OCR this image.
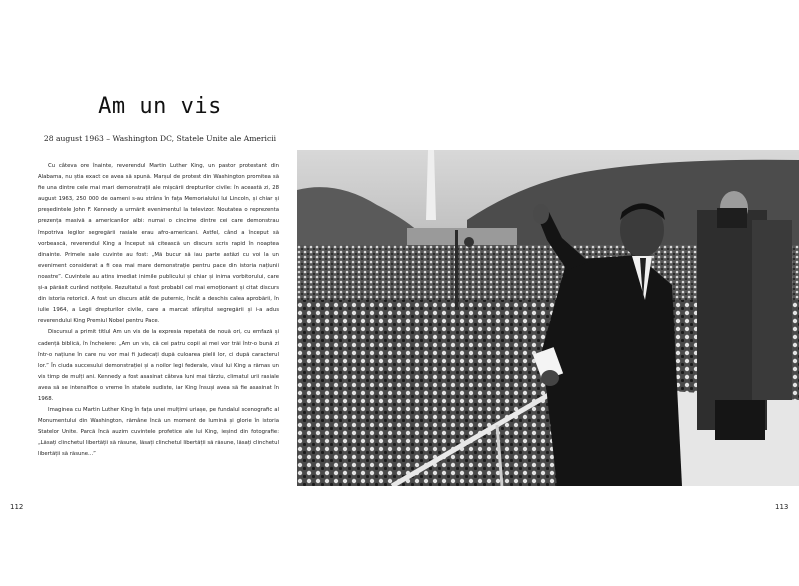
Am un vis
28 august 1963 – Washington DC, Statele Unite ale Americii

Cu câteva ore înainte, reverendul Martin Luther King, un pastor protestant din Alabama, nu știa exact ce avea să spună. Marșul de protest din Washington promitea să fie una dintre cele mai mari demonstrații ale mișcării drepturilor civile: în această zi, 28 august 1963, 250 000 de oameni s-au strâns în fața Memorialului lui Lincoln, și chiar și președintele John F. Kennedy a urmărit evenimentul la televizor. Noutatea o reprezenta prezența masivă a americanilor albi: numai o cincime dintre cei care demonstrau împotriva legilor segregării rasiale erau afro-americani. Astfel, când a început să vorbească, reverendul King a început să citească un discurs scris rapid în noaptea dinainte. Primele sale cuvinte au fost: „Mă bucur să iau parte astăzi cu voi la un eveniment considerat a fi cea mai mare demonstrație pentru pace din istoria națiunii noastre”. Cuvintele au atins imediat inimile publicului și chiar și inima vorbitorului, care și-a părăsit curând notițele. Rezultatul a fost probabil cel mai emoționant și citat discurs din istoria retoricii. A fost un discurs atât de puternic, încât a deschis calea aprobării, în iulie 1964, a Legii drepturilor civile, care a marcat sfârșitul segregării și i-a adus reverendului King Premiul Nobel pentru Pace.

Discursul a primit titlul Am un vis de la expresia repetată de nouă ori, cu emfază și cadență biblică, în încheiere: „Am un vis, că cei patru copii ai mei vor trăi într-o bună zi într-o națiune în care nu vor mai fi judecați după culoarea pielii lor, ci după caracterul lor.” În ciuda succesului demonstrației și a noilor legi federale, visul lui King a rămas un vis timp de mulți ani. Kennedy a fost asasinat câteva luni mai târziu, climatul urii rasiale avea să se intensifice o vreme în statele sudiste, iar King însuși avea să fie asasinat în 1968.

Imaginea cu Martin Luther King în fața unei mulțimi uriașe, pe fundalul scenografic al Monumentului din Washington, rămâne încă un moment de lumină și glorie în istoria Statelor Unite. Parcă încă auzim cuvintele profetice ale lui King, ieșind din fotografie: „Lăsați clinchetul libertății să răsune, lăsați clinchetul libertății să răsune, lăsați clinchetul libertății să răsune...”

112	113
